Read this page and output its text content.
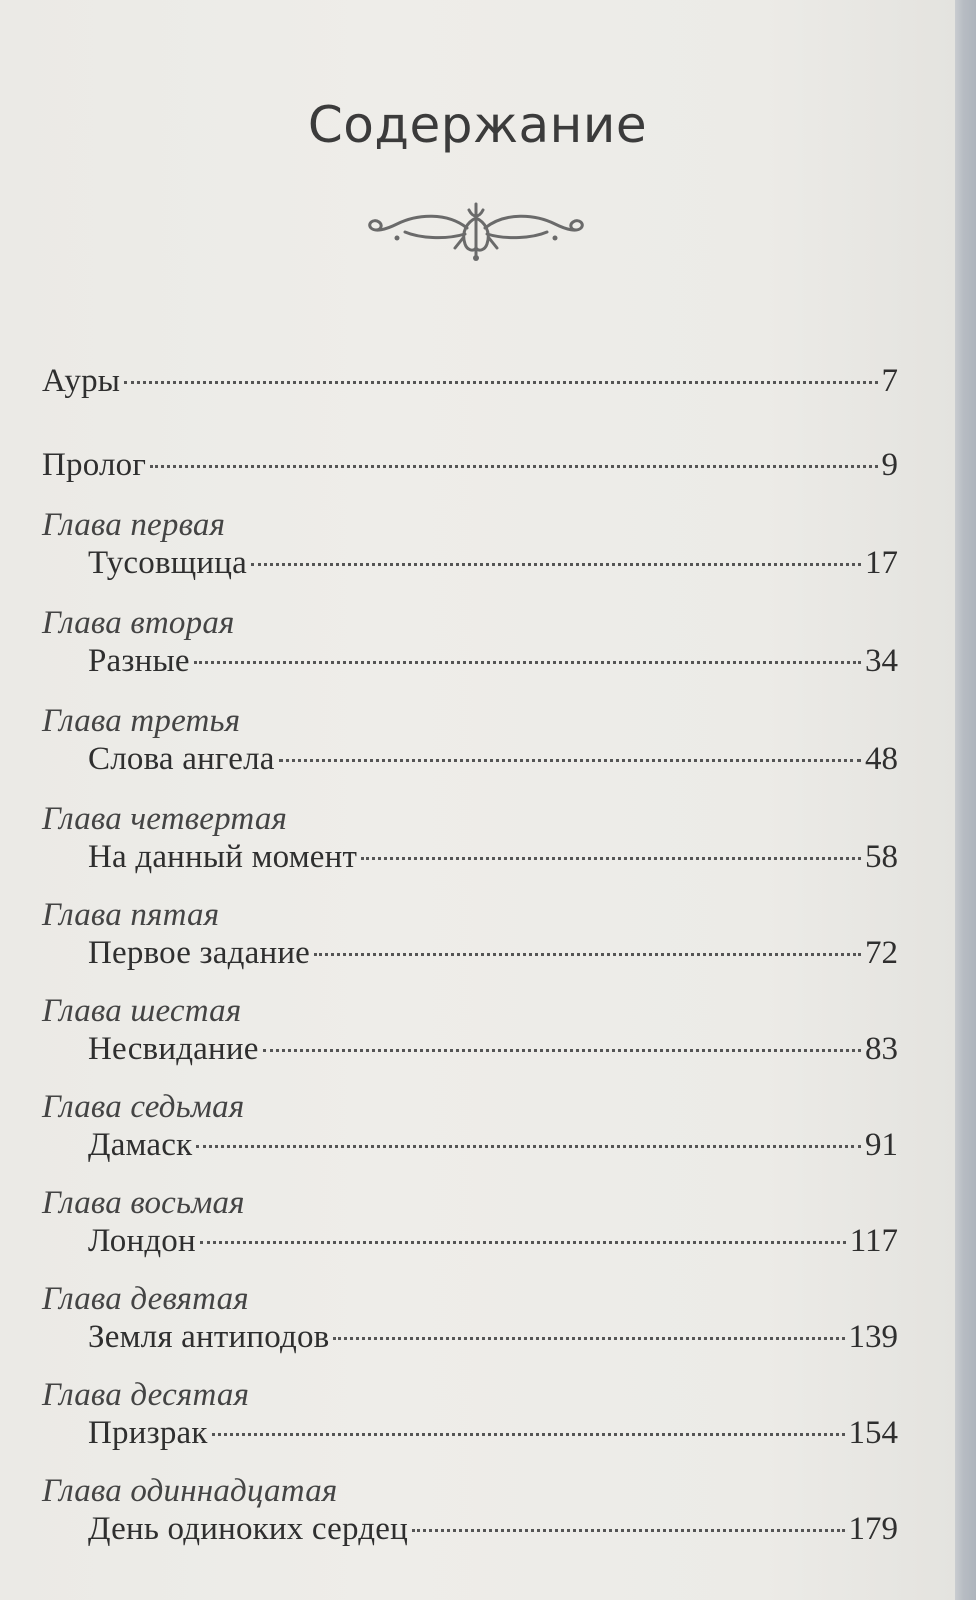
Содержание
Ауры	7
Пролог	9
Глава первая
Тусовщица	17
Глава вторая
Разные	34
Глава третья
Слова ангела	48
Глава четвертая
На данный момент	58
Глава пятая
Первое задание	72
Глава шестая
Несвидание	83
Глава седьмая
Дамаск	91
Глава восьмая
Лондон	117
Глава девятая
Земля антиподов	139
Глава десятая
Призрак	154
Глава одиннадцатая
День одиноких сердец	179
